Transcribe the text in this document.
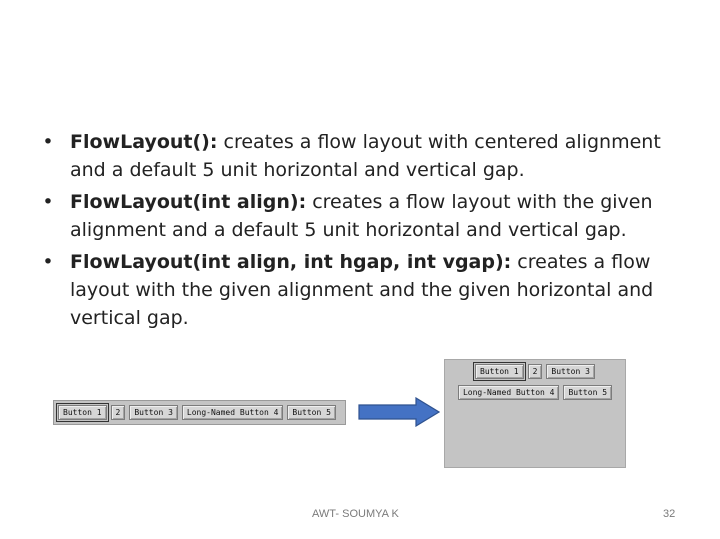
• FlowLayout(): creates a flow layout with centered alignment and a default 5 unit horizontal and vertical gap.
• FlowLayout(int align): creates a flow layout with the given alignment and a default 5 unit horizontal and vertical gap.
• FlowLayout(int align, int hgap, int vgap): creates a flow layout with the given alignment and the given horizontal and vertical gap.
Button 1	2	Button 3	Long-Named Button 4	Button 5
Button 1	2	Button 3
Long-Named Button 4	Button 5
AWT- SOUMYA K	32
